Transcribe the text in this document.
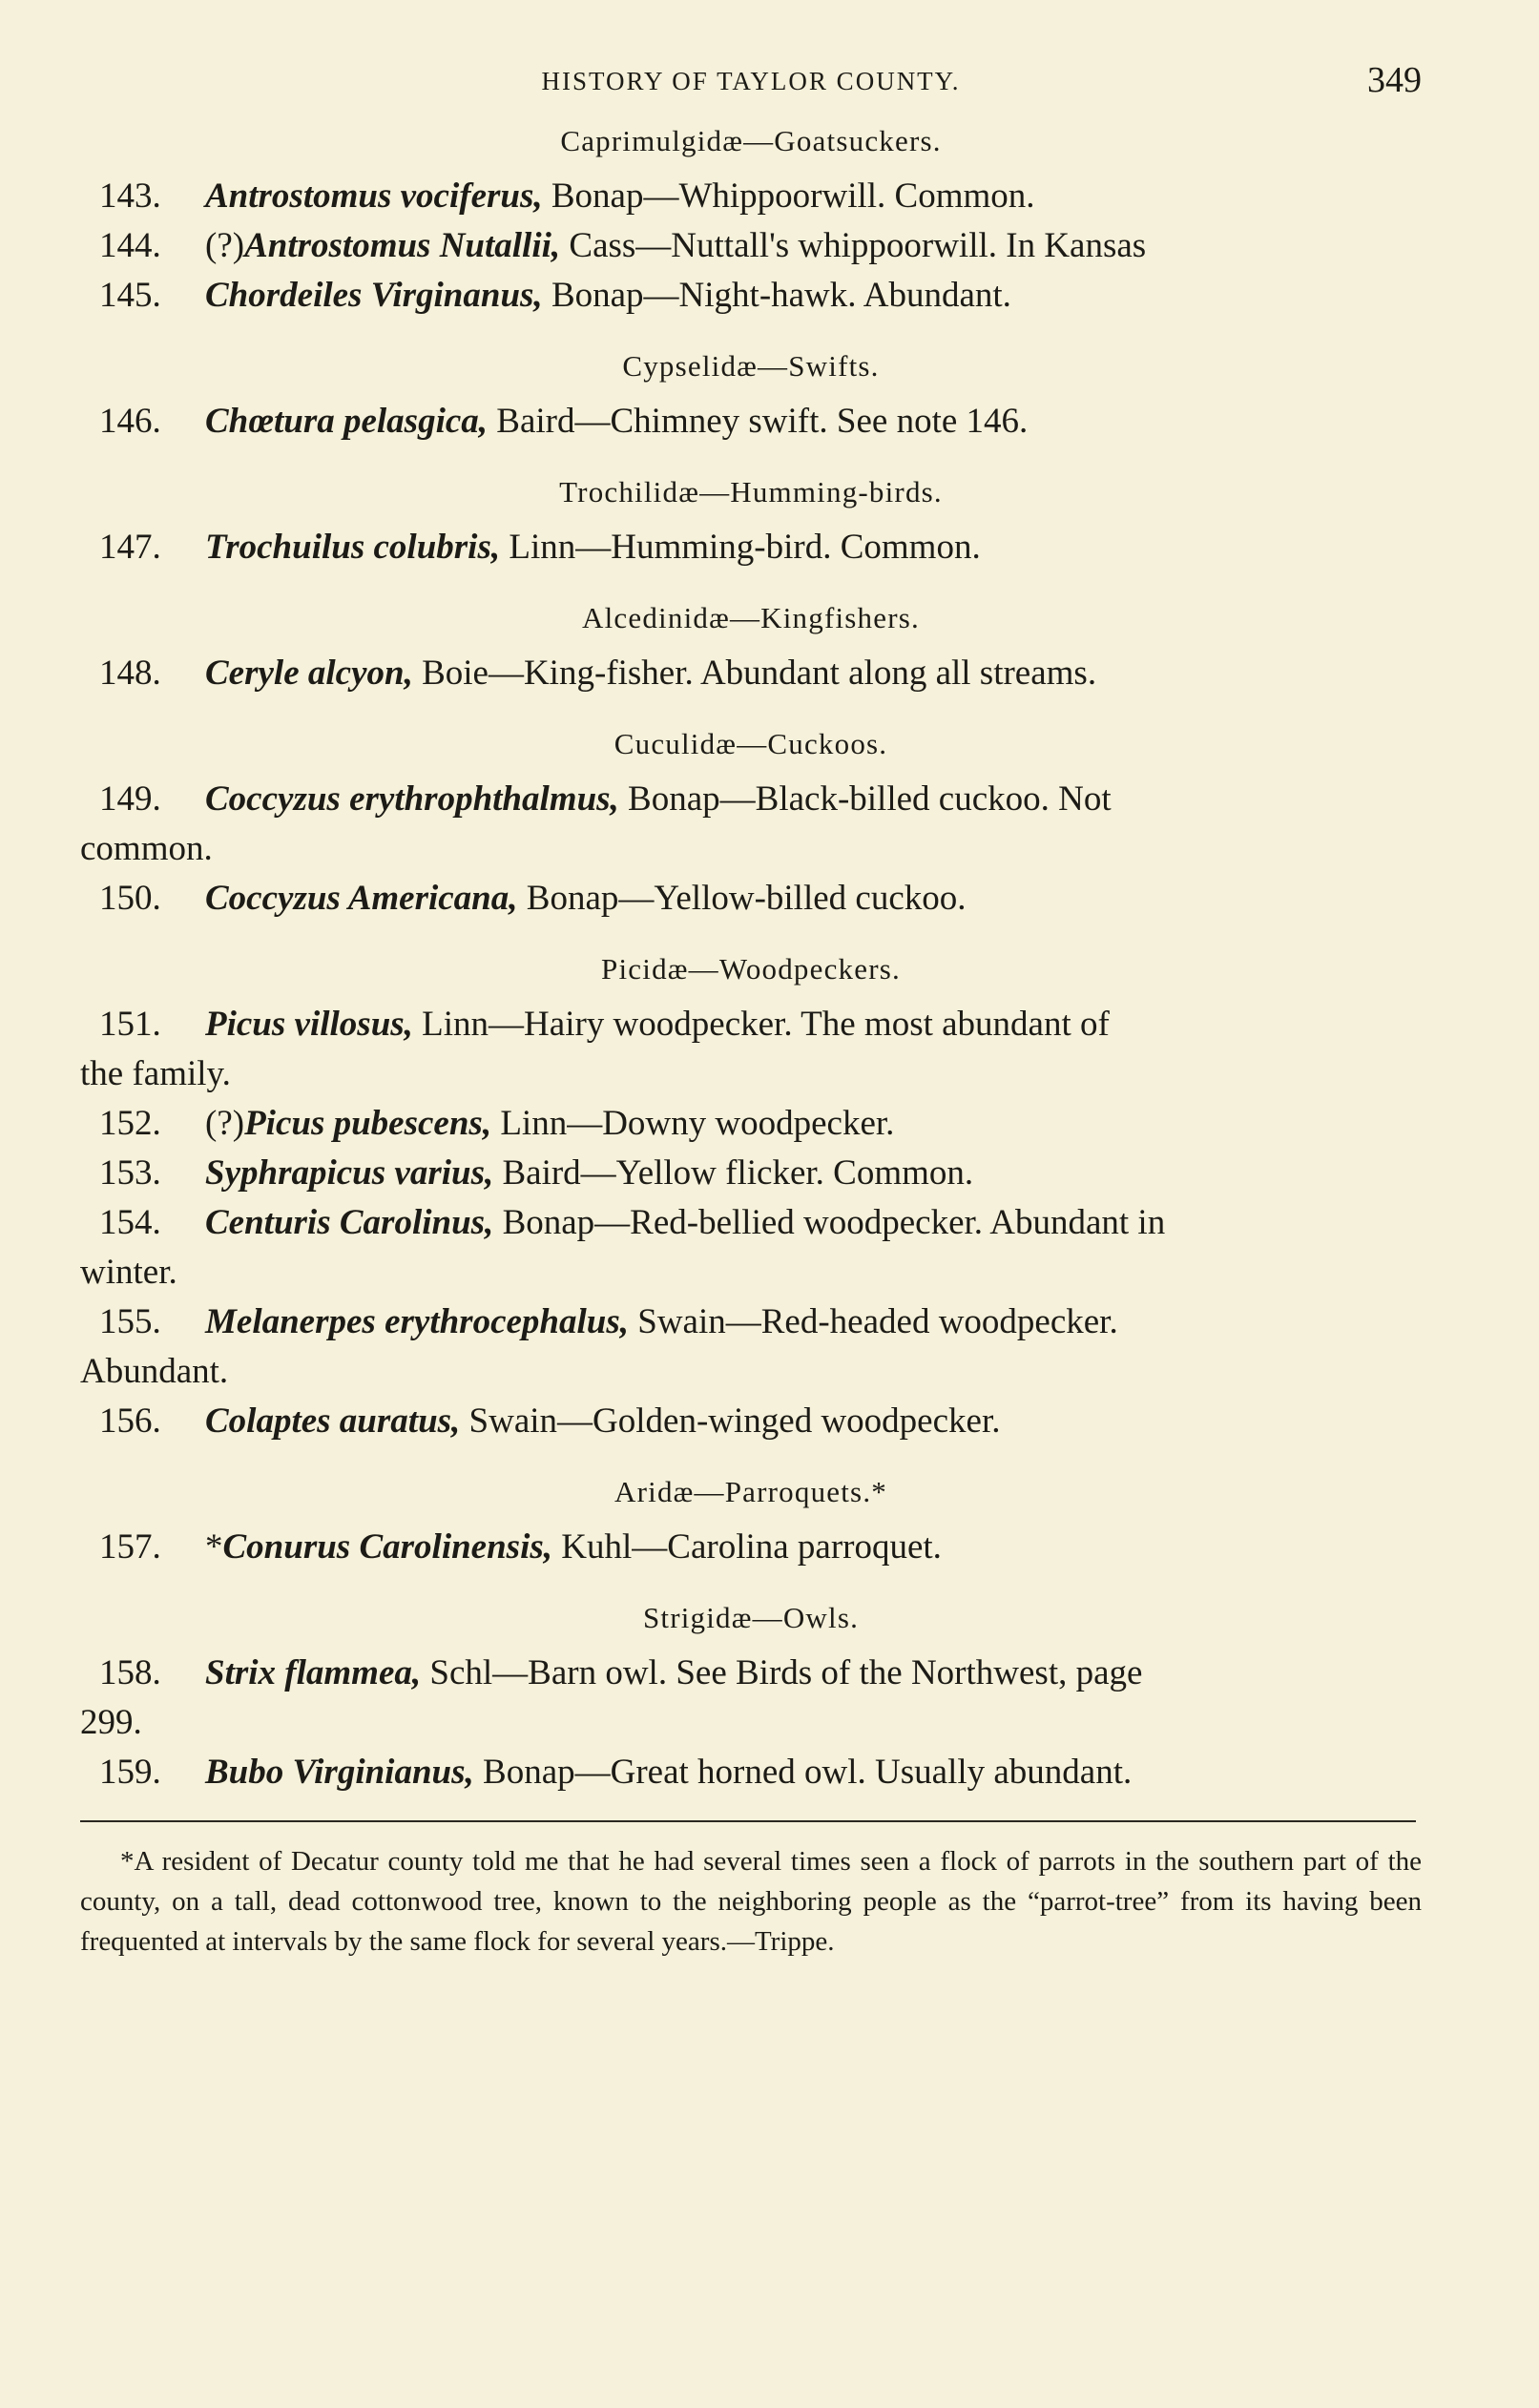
HISTORY OF TAYLOR COUNTY.	349

Caprimulgidæ—Goatsuckers.

143. Antrostomus vociferus, Bonap—Whippoorwill. Common.

144. (?)Antrostomus Nutallii, Cass—Nuttall's whippoorwill. In Kansas

145. Chordeiles Virginanus, Bonap—Night-hawk. Abundant.

Cypselidæ—Swifts.

146. Chœtura pelasgica, Baird—Chimney swift. See note 146.

Trochilidæ—Humming-birds.

147. Trochuilus colubris, Linn—Humming-bird. Common.

Alcedinidæ—Kingfishers.

148. Ceryle alcyon, Boie—King-fisher. Abundant along all streams.

Cuculidæ—Cuckoos.

149. Coccyzus erythrophthalmus, Bonap—Black-billed cuckoo. Not
common.

150. Coccyzus Americana, Bonap—Yellow-billed cuckoo.

Picidæ—Woodpeckers.

151. Picus villosus, Linn—Hairy woodpecker. The most abundant of
the family.

152. (?)Picus pubescens, Linn—Downy woodpecker.

153. Syphrapicus varius, Baird—Yellow flicker. Common.

154. Centuris Carolinus, Bonap—Red-bellied woodpecker. Abundant in
winter.

155. Melanerpes erythrocephalus, Swain—Red-headed woodpecker.
Abundant.

156. Colaptes auratus, Swain—Golden-winged woodpecker.

Aridæ—Parroquets.*

157. *Conurus Carolinensis, Kuhl—Carolina parroquet.

Strigidæ—Owls.

158. Strix flammea, Schl—Barn owl. See Birds of the Northwest, page
299.

159. Bubo Virginianus, Bonap—Great horned owl. Usually abundant.

*A resident of Decatur county told me that he had several times seen a flock of parrots in the southern part of the county, on a tall, dead cottonwood tree, known to the neighboring people as the “parrot-tree” from its having been frequented at intervals by the same flock for several years.—Trippe.
